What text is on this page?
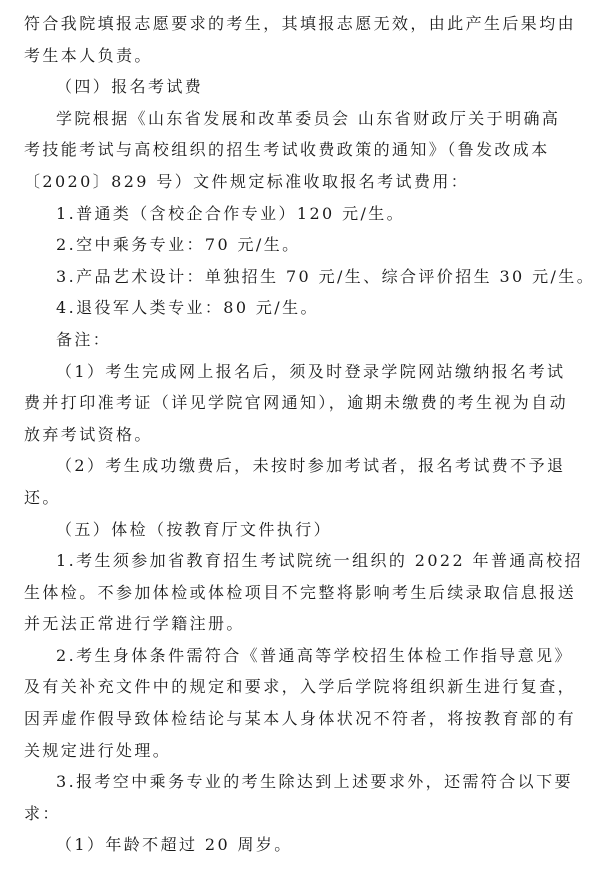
符合我院填报志愿要求的考生，其填报志愿无效，由此产生后果均由
考生本人负责。
（四）报名考试费
学院根据《山东省发展和改革委员会 山东省财政厅关于明确高
考技能考试与高校组织的招生考试收费政策的通知》（鲁发改成本
〔2020〕829 号）文件规定标准收取报名考试费用：
1.普通类（含校企合作专业）120 元/生。
2.空中乘务专业：70 元/生。
3.产品艺术设计：单独招生 70 元/生、综合评价招生 30 元/生。
4.退役军人类专业：80 元/生。
备注：
（1）考生完成网上报名后，须及时登录学院网站缴纳报名考试
费并打印准考证（详见学院官网通知），逾期未缴费的考生视为自动
放弃考试资格。
（2）考生成功缴费后，未按时参加考试者，报名考试费不予退
还。
（五）体检（按教育厅文件执行）
1.考生须参加省教育招生考试院统一组织的 2022 年普通高校招
生体检。不参加体检或体检项目不完整将影响考生后续录取信息报送
并无法正常进行学籍注册。
2.考生身体条件需符合《普通高等学校招生体检工作指导意见》
及有关补充文件中的规定和要求，入学后学院将组织新生进行复查，
因弄虚作假导致体检结论与某本人身体状况不符者，将按教育部的有
关规定进行处理。
3.报考空中乘务专业的考生除达到上述要求外，还需符合以下要
求：
（1）年龄不超过 20 周岁。
